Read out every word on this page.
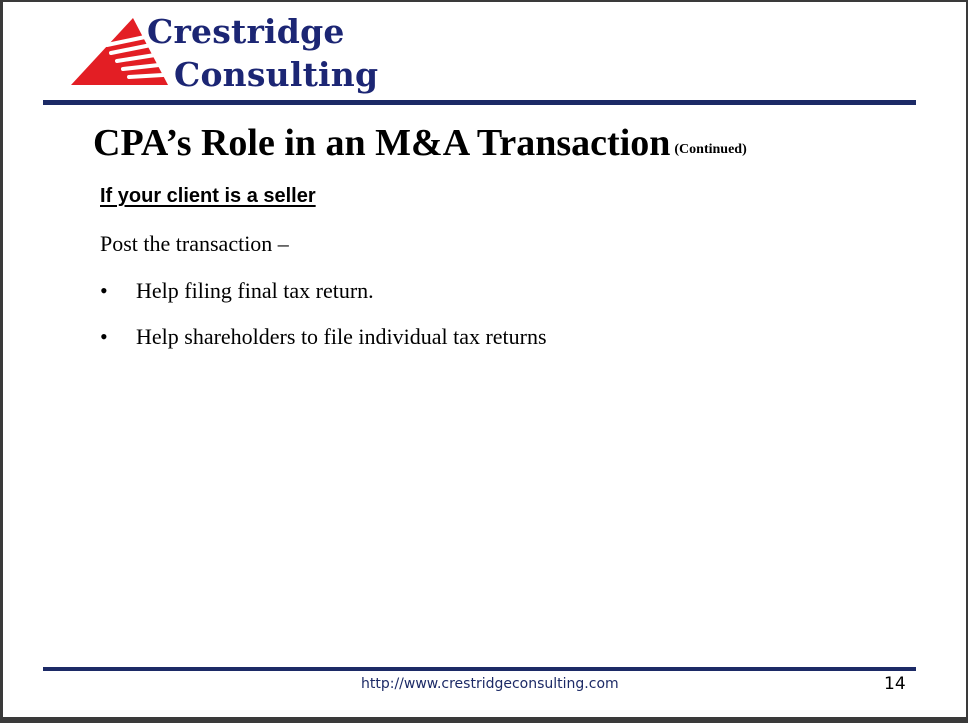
Crestridge
Consulting
CPA’s Role in an M&A Transaction (Continued)
If your client is a seller
Post the transaction –
• Help filing final tax return.
• Help shareholders to file individual tax returns
http://www.crestridgeconsulting.com	14
